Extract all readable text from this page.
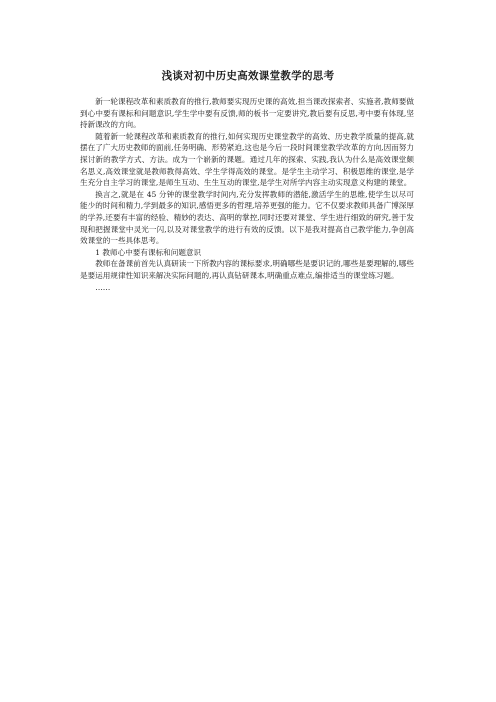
浅谈对初中历史高效课堂教学的思考

新一轮课程改革和素质教育的推行,教师要实现历史课的高效,担当课改探索者、实施者,教师要做到心中要有课标和问题意识,学生学中要有反馈,师的板书一定要讲究,教后要有反思,考中要有体现,坚持新课改的方向。

随着新一轮课程改革和素质教育的推行,如何实现历史课堂教学的高效、历史教学质量的提高,就摆在了广大历史教师的面前,任务明确、形势紧迫,这也是今后一段时间课堂教学改革的方向,因而努力探讨新的教学方式、方法。成为一个崭新的课题。通过几年的探索、实践,我认为什么是高效课堂颇名思义,高效课堂就是教师教得高效、学生学得高效的课堂。是学生主动学习、积极思维的课堂,是学生充分自主学习的课堂,是师生互动、生生互动的课堂,是学生对所学内容主动实现意义构建的课堂。

换言之,就是在 45 分钟的课堂教学时间内,充分发挥教师的潜能,激活学生的思维,使学生以尽可能少的时间和精力,学到最多的知识,感悟更多的哲理,培养更强的能力。它不仅要求教师具备广博深厚的学养,还要有丰富的经验、精妙的表达、高明的掌控,同时还要对课堂、学生进行细致的研究,善于发现和把握课堂中灵光一闪,以及对课堂教学的进行有效的反馈。以下是我对提高自己教学能力,争创高效课堂的一些具体思考。

1 教师心中要有课标和问题意识

教师在备课前首先认真研读一下所教内容的课标要求,明确哪些是要识记的,哪些是要理解的,哪些是要运用规律性知识来解决实际问题的,再认真钻研课本,明确重点难点,编排适当的课堂练习题。

……
